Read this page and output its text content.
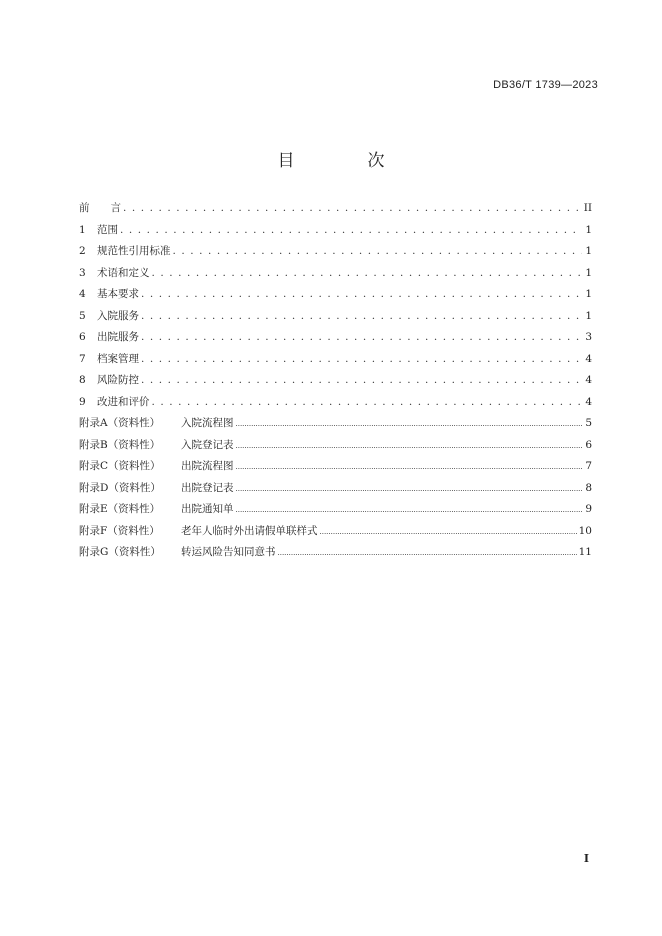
DB36/T 1739—2023
目　次
前　　言 . . .	II
1	范围 . . .	1
2	规范性引用标准 . . .	1
3	术语和定义 . . .	1
4	基本要求 . . .	1
5	入院服务 . . .	1
6	出院服务 . . .	3
7	档案管理 . . .	4
8	风险防控 . . .	4
9	改进和评价 . . .	4
附录A（资料性）	入院流程图 .....	5
附录B（资料性）	入院登记表 .....	6
附录C（资料性）	出院流程图 .....	7
附录D（资料性）	出院登记表 .....	8
附录E（资料性）	出院通知单 .....	9
附录F（资料性）	老年人临时外出请假单联样式 .....	10
附录G（资料性）	转运风险告知同意书 .....	11
I
